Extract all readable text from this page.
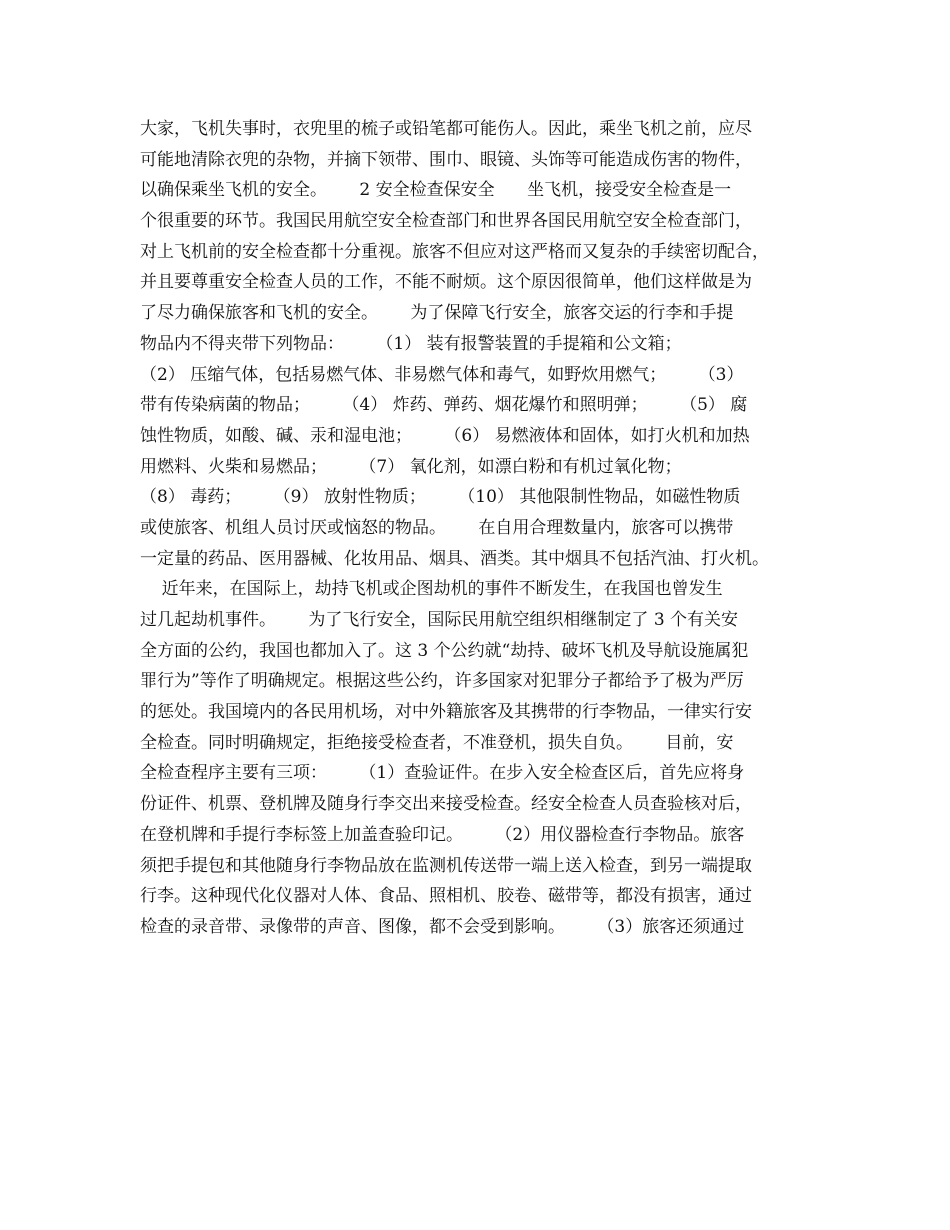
大家，飞机失事时，衣兜里的梳子或铅笔都可能伤人。因此，乘坐飞机之前，应尽
可能地清除衣兜的杂物，并摘下领带、围巾、眼镜、头饰等可能造成伤害的物件，
以确保乘坐飞机的安全。      2 安全检查保安全      坐飞机，接受安全检查是一
个很重要的环节。我国民用航空安全检查部门和世界各国民用航空安全检查部门，
对上飞机前的安全检查都十分重视。旅客不但应对这严格而又复杂的手续密切配合，
并且要尊重安全检查人员的工作，不能不耐烦。这个原因很简单，他们这样做是为
了尽力确保旅客和飞机的安全。      为了保障飞行安全，旅客交运的行李和手提
物品内不得夹带下列物品：      （1） 装有报警装置的手提箱和公文箱；
（2） 压缩气体，包括易燃气体、非易燃气体和毒气，如野炊用燃气；      （3）
带有传染病菌的物品；      （4） 炸药、弹药、烟花爆竹和照明弹；      （5） 腐
蚀性物质，如酸、碱、汞和湿电池；      （6） 易燃液体和固体，如打火机和加热
用燃料、火柴和易燃品；      （7） 氧化剂，如漂白粉和有机过氧化物；
（8） 毒药；      （9） 放射性物质；      （10） 其他限制性物品，如磁性物质
或使旅客、机组人员讨厌或恼怒的物品。      在自用合理数量内，旅客可以携带
一定量的药品、医用器械、化妆用品、烟具、酒类。其中烟具不包括汽油、打火机。
近年来，在国际上，劫持飞机或企图劫机的事件不断发生，在我国也曾发生
过几起劫机事件。      为了飞行安全，国际民用航空组织相继制定了 3 个有关安
全方面的公约，我国也都加入了。这 3 个公约就“劫持、破坏飞机及导航设施属犯
罪行为”等作了明确规定。根据这些公约，许多国家对犯罪分子都给予了极为严厉
的惩处。我国境内的各民用机场，对中外籍旅客及其携带的行李物品，一律实行安
全检查。同时明确规定，拒绝接受检查者，不准登机，损失自负。      目前，安
全检查程序主要有三项：      （1）查验证件。在步入安全检查区后，首先应将身
份证件、机票、登机牌及随身行李交出来接受检查。经安全检查人员查验核对后，
在登机牌和手提行李标签上加盖查验印记。      （2）用仪器检查行李物品。旅客
须把手提包和其他随身行李物品放在监测机传送带一端上送入检查，到另一端提取
行李。这种现代化仪器对人体、食品、照相机、胶卷、磁带等，都没有损害，通过
检查的录音带、录像带的声音、图像，都不会受到影响。      （3）旅客还须通过
